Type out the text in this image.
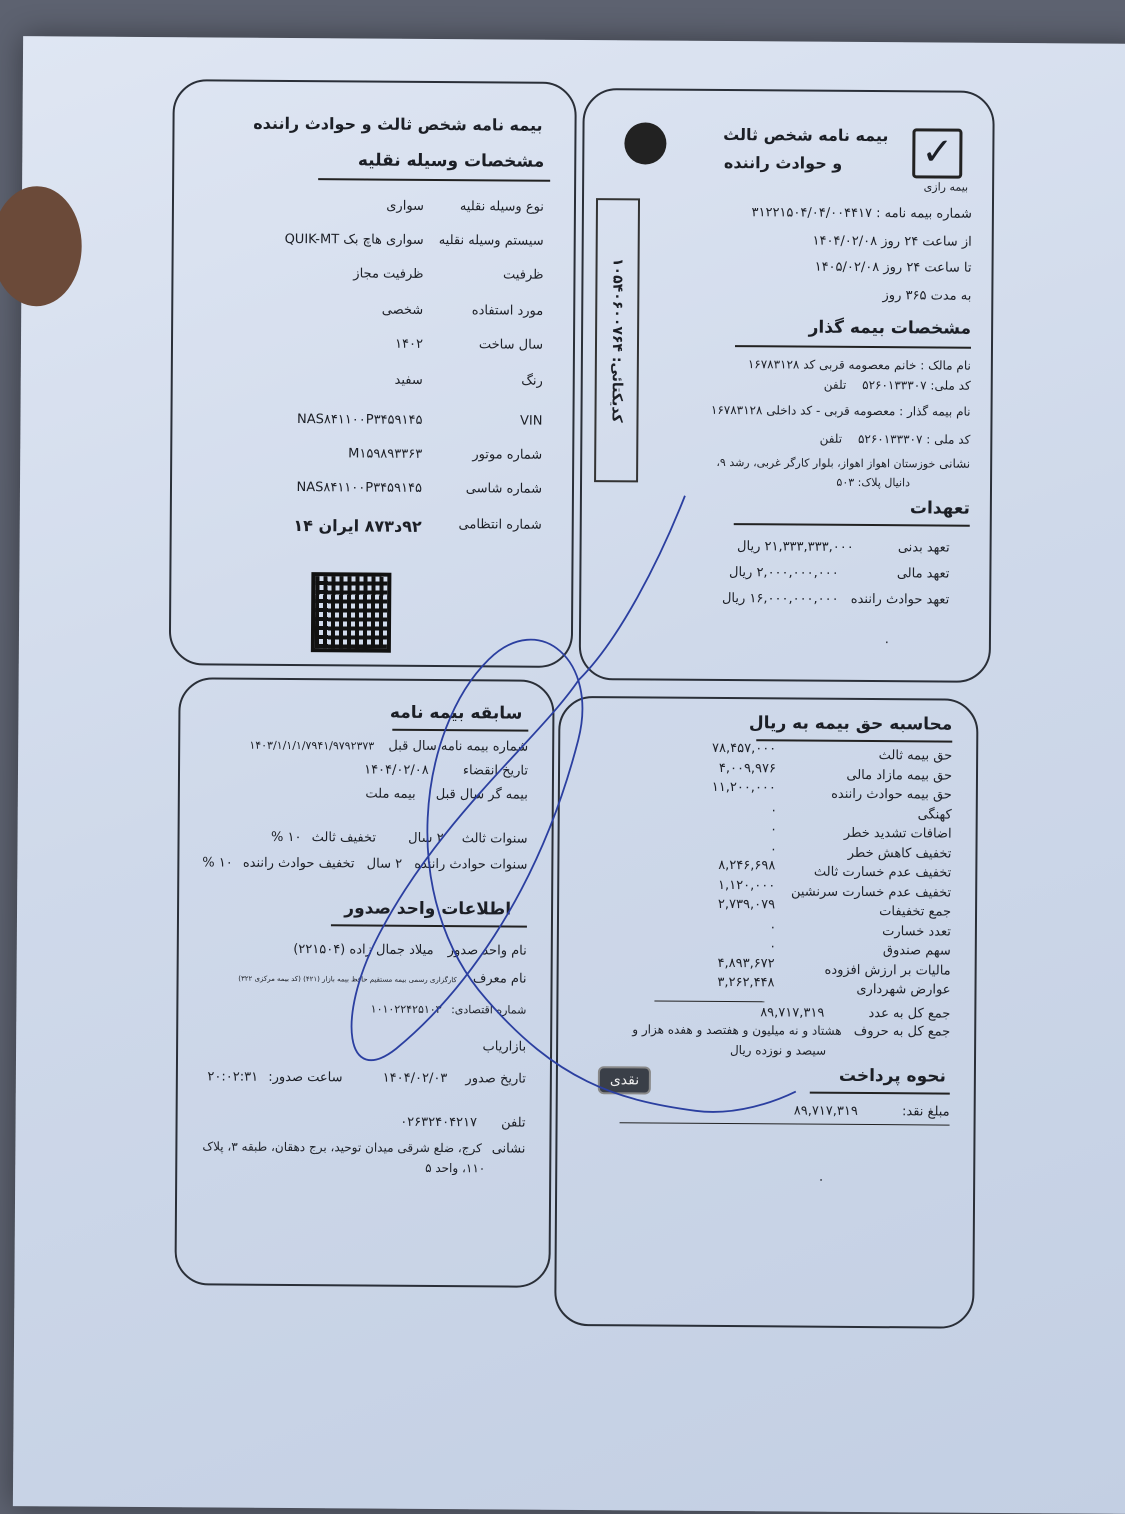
✓
بیمه رازی
بیمه نامه شخص ثالث
و حوادث راننده
شماره بیمه نامه : ۳۱۲۲۱۵۰۴/۰۴/۰۰۴۴۱۷
از ساعت ۲۴ روز ۱۴۰۴/۰۲/۰۸
تا ساعت ۲۴ روز ۱۴۰۵/۰۲/۰۸
به مدت ۳۶۵ روز
مشخصات بیمه گذار
نام مالک : خانم معصومه قربی کد ۱۶۷۸۳۱۲۸
کد ملی: ۵۲۶۰۱۳۳۳۰۷ تلفن
نام بیمه گذار : معصومه قربی - کد داخلی ۱۶۷۸۳۱۲۸
کد ملی : ۵۲۶۰۱۳۳۳۰۷ تلفن
نشانی خوزستان اهواز اهواز، بلوار کارگر غربی، رشد ۹،
دانیال پلاک: ۵۰۳
تعهدات
تعهد بدنی ۲۱,۳۳۳,۳۳۳,۰۰۰ ریال
تعهد مالی ۲,۰۰۰,۰۰۰,۰۰۰ ریال
تعهد حوادث راننده ۱۶,۰۰۰,۰۰۰,۰۰۰ ریال
.
کدیکتائی: ۱۰۵۴۰۶۰۰۷۶۴
بیمه نامه شخص ثالث و حوادث راننده
مشخصات وسیله نقلیه
نوع وسیله نقلیه
سواری
سیستم وسیله نقلیه
سواری هاچ بک QUIK-MT
ظرفیت
ظرفیت مجاز
مورد استفاده
شخصی
سال ساخت
۱۴۰۲
رنگ
سفید
VIN
NAS۸۴۱۱۰۰P۳۴۵۹۱۴۵
شماره موتور
M۱۵۹۸۹۳۳۶۳
شماره شاسی
NAS۸۴۱۱۰۰P۳۴۵۹۱۴۵
شماره انتظامی
۹۲د۸۷۳ ایران ۱۴
محاسبه حق بیمه به ریال
حق بیمه ثالث
۷۸,۴۵۷,۰۰۰
حق بیمه مازاد مالی
۴,۰۰۹,۹۷۶
حق بیمه حوادث راننده
۱۱,۲۰۰,۰۰۰
کهنگی
.
اضافات تشدید خطر
.
تخفیف کاهش خطر
.
تخفیف عدم خسارت ثالث
۸,۲۴۶,۶۹۸
تخفیف عدم خسارت سرنشین
۱,۱۲۰,۰۰۰
جمع تخفیفات
۲,۷۳۹,۰۷۹
تعدد خسارت
.
سهم صندوق
.
مالیات بر ارزش افزوده
۴,۸۹۳,۶۷۲
عوارض شهرداری
۳,۲۶۲,۴۴۸
جمع کل به عدد ۸۹,۷۱۷,۳۱۹
جمع کل به حروف هشتاد و نه میلیون و هفتصد و هفده هزار و
سیصد و نوزده ریال
نحوه پرداخت
نقدی
مبلغ نقد: ۸۹,۷۱۷,۳۱۹
.
سابقه بیمه نامه
شماره بیمه نامه سال قبل ۱۴۰۳/۱/۱/۱/۷۹۴۱/۹۷۹۲۳۷۳
تاریخ انقضاء ۱۴۰۴/۰۲/۰۸
بیمه گر سال قبل بیمه ملت
سنوات ثالث ۲ سال تخفیف ثالث ۱۰ %
سنوات حوادث راننده ۲ سال تخفیف حوادث راننده ۱۰ %
اطلاعات واحد صدور
نام واحد صدور میلاد جمال زاده (۲۲۱۵۰۴)
نام معرف کارگزاری رسمی بیمه مستقیم حافظ بیمه بازار (۴۲۱) (کد بیمه مرکزی ۳۲۲)
شماره اقتصادی: ۱۰۱۰۲۲۴۲۵۱۰۳
بازاریاب
تاریخ صدور ۱۴۰۴/۰۲/۰۳ ساعت صدور: ۲۰:۰۲:۳۱
تلفن ۰۲۶۳۲۴۰۴۲۱۷
نشانی کرج، ضلع شرقی میدان توحید، برج دهقان، طبقه ۳، پلاک
۱۱۰، واحد ۵
